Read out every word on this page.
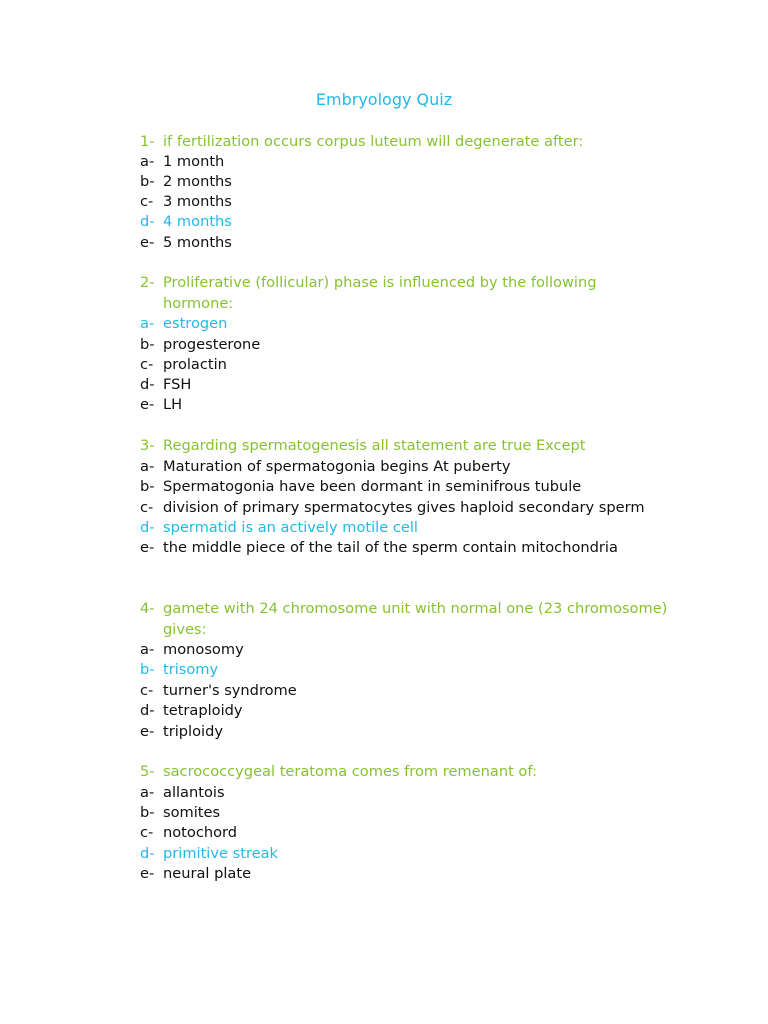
Embryology Quiz
1- if fertilization occurs corpus luteum will degenerate after:
a- 1 month
b- 2 months
c- 3 months
d- 4 months
e- 5 months
2- Proliferative (follicular) phase is influenced by the following
hormone:
a- estrogen
b- progesterone
c- prolactin
d- FSH
e- LH
3- Regarding spermatogenesis all statement are true Except
a- Maturation of spermatogonia begins At puberty
b- Spermatogonia have been dormant in seminifrous tubule
c- division of primary spermatocytes gives haploid secondary sperm
d- spermatid is an actively motile cell
e- the middle piece of the tail of the sperm contain mitochondria
4- gamete with 24 chromosome unit with normal one (23 chromosome)
gives:
a- monosomy
b- trisomy
c- turner's syndrome
d- tetraploidy
e- triploidy
5- sacrococcygeal teratoma comes from remenant of:
a- allantois
b- somites
c- notochord
d- primitive streak
e- neural plate
